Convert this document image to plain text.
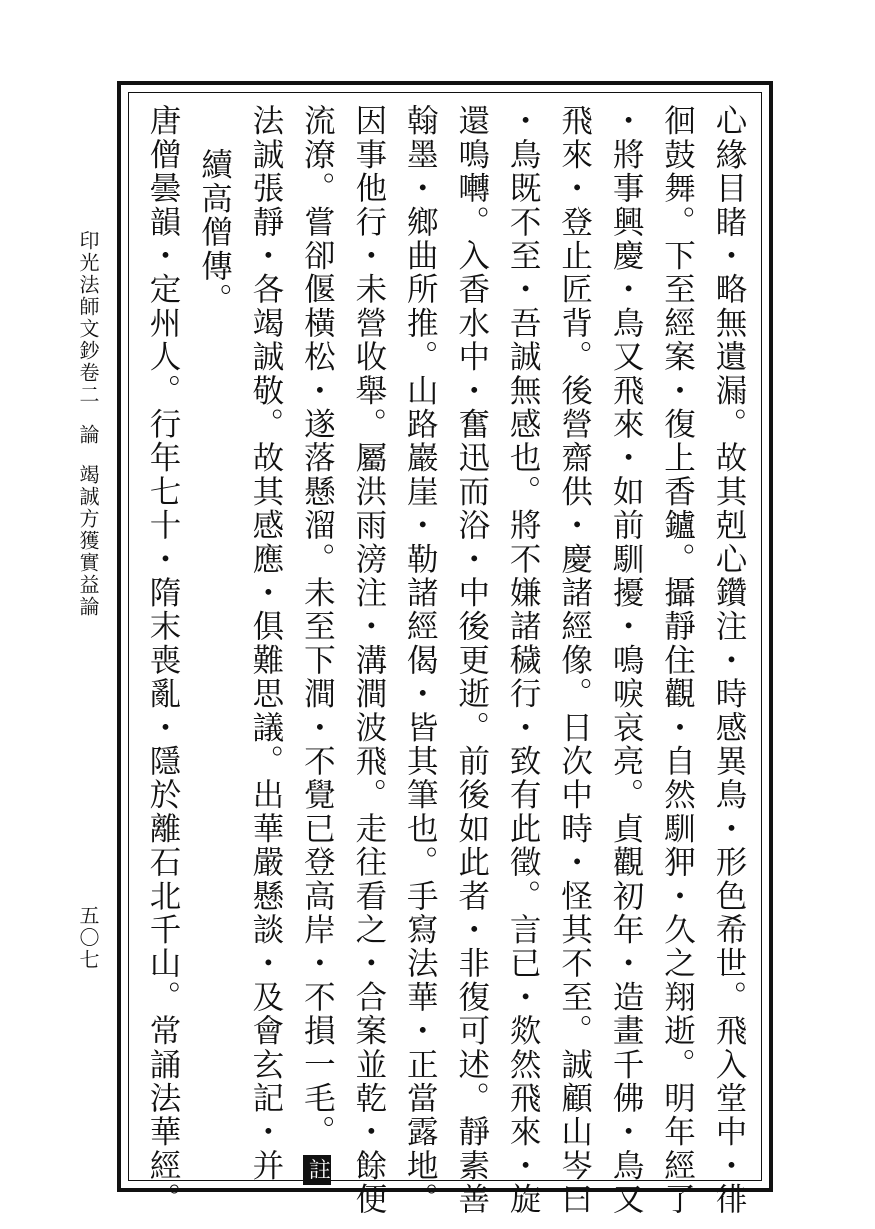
心緣目睹・略無遺漏。故其剋心鑽注・時感異鳥・形色希世。飛入堂中・徘
徊鼓舞。下至經案・復上香鑪。攝靜住觀・自然馴狎・久之翔逝。明年經了
・將事興慶・鳥又飛來・如前馴擾・鳴唳哀亮。貞觀初年・造畫千佛・鳥又
飛來・登止匠背。後營齋供・慶諸經像。日次中時・怪其不至。誠顧山岑曰
・鳥既不至・吾誠無感也。將不嫌諸穢行・致有此徵。言已・欻然飛來・旋
還鳴囀。入香水中・奮迅而浴・中後更逝。前後如此者・非復可述。靜素善
翰墨・鄉曲所推。山路巖崖・勒諸經偈・皆其筆也。手寫法華・正當露地。
因事他行・未營收舉。屬洪雨滂注・溝澗波飛。走往看之・合案並乾・餘便
流潦。嘗卻偃橫松・遂落懸溜。未至下澗・不覺已登高岸・不損一毛。註
法誠張靜・各竭誠敬。故其感應・俱難思議。出華嚴懸談・及會玄記・并
續高僧傳。
唐僧曇韻・定州人。行年七十・隋末喪亂・隱於離石北千山。常誦法華經。
印光法師文鈔卷二論竭誠方獲實益論
五〇七
